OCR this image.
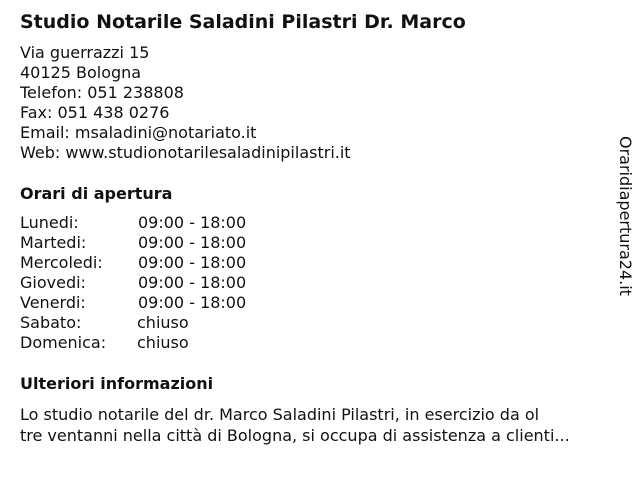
Studio Notarile Saladini Pilastri Dr. Marco
Via guerrazzi 15
40125 Bologna
Telefon: 051 238808
Fax: 051 438 0276
Email: msaladini@notariato.it
Web: www.studionotarilesaladinipilastri.it
Orari di apertura
Lunedi:	09:00 - 18:00
Martedi:	09:00 - 18:00
Mercoledi: 09:00 - 18:00
Giovedi:	09:00 - 18:00
Venerdi:	09:00 - 18:00
Sabato:	chiuso
Domenica: chiuso
Ulteriori informazioni
Lo studio notarile del dr. Marco Saladini Pilastri, in esercizio da ol
tre ventanni nella città di Bologna, si occupa di assistenza a clienti...
Oraridiapertura24.it
